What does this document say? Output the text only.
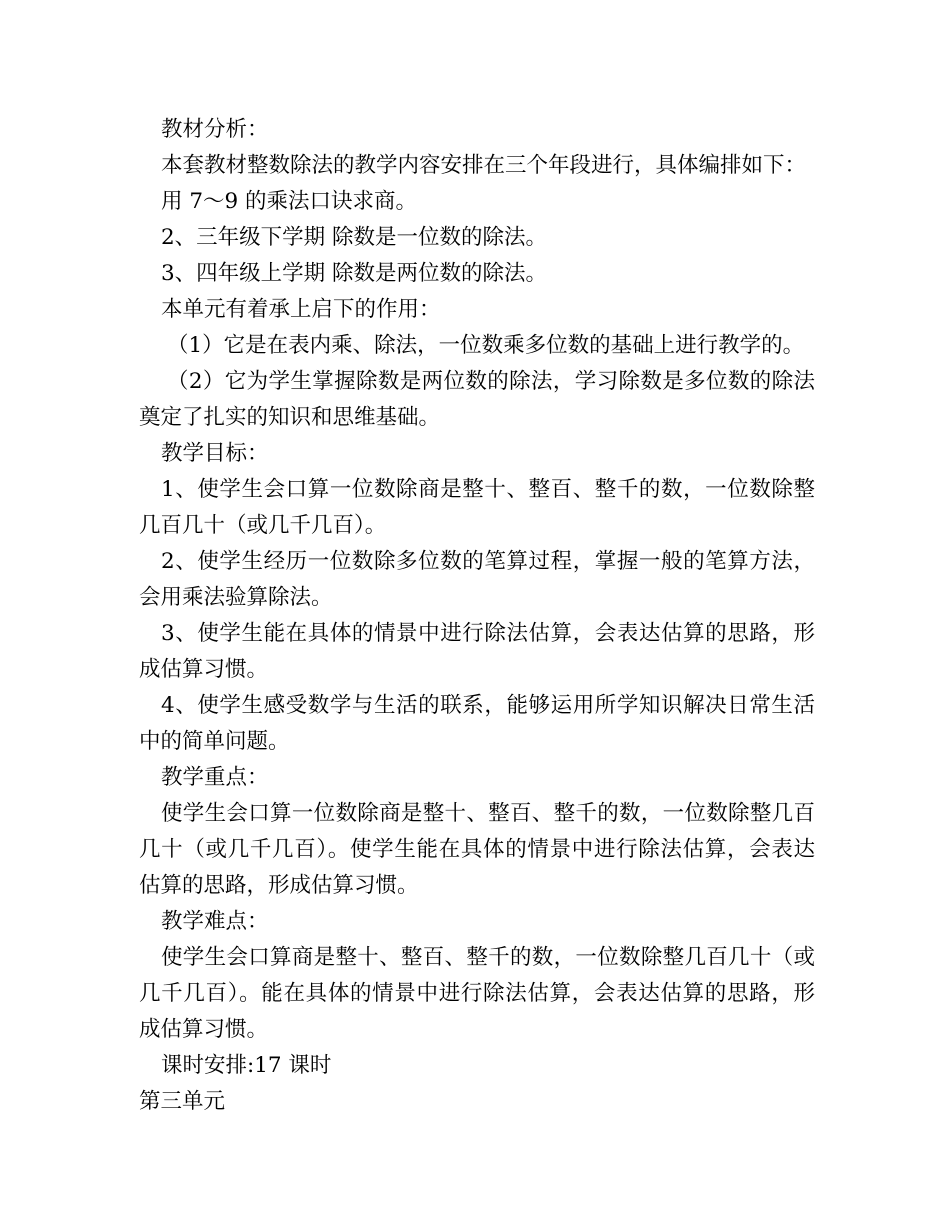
教材分析：

本套教材整数除法的教学内容安排在三个年段进行，具体编排如下：

用 7～9 的乘法口诀求商。

2、三年级下学期 除数是一位数的除法。

3、四年级上学期 除数是两位数的除法。

本单元有着承上启下的作用：

（1）它是在表内乘、除法，一位数乘多位数的基础上进行教学的。

（2）它为学生掌握除数是两位数的除法，学习除数是多位数的除法奠定了扎实的知识和思维基础。

教学目标：

1、使学生会口算一位数除商是整十、整百、整千的数，一位数除整几百几十（或几千几百）。

2、使学生经历一位数除多位数的笔算过程，掌握一般的笔算方法，会用乘法验算除法。

3、使学生能在具体的情景中进行除法估算，会表达估算的思路，形成估算习惯。

4、使学生感受数学与生活的联系，能够运用所学知识解决日常生活中的简单问题。

教学重点：

使学生会口算一位数除商是整十、整百、整千的数，一位数除整几百几十（或几千几百）。使学生能在具体的情景中进行除法估算，会表达估算的思路，形成估算习惯。

教学难点：

使学生会口算商是整十、整百、整千的数，一位数除整几百几十（或几千几百）。能在具体的情景中进行除法估算，会表达估算的思路，形成估算习惯。

课时安排:17 课时

第三单元
